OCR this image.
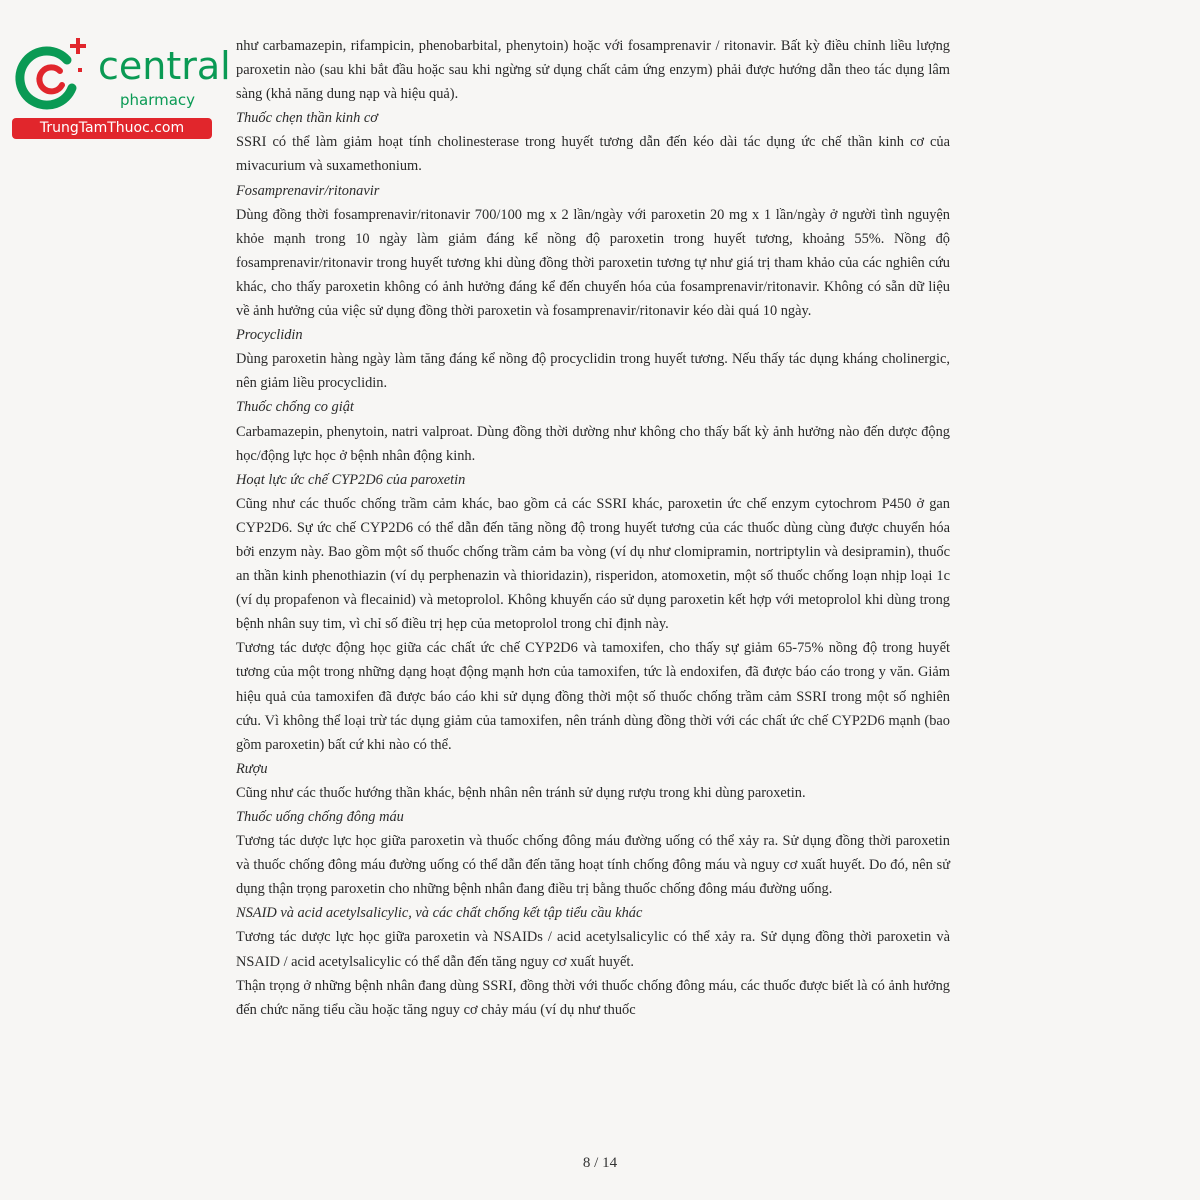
central
pharmacy
TrungTamThuoc.com

như carbamazepin, rifampicin, phenobarbital, phenytoin) hoặc với fosamprenavir / ritonavir. Bất kỳ điều chỉnh liều lượng paroxetin nào (sau khi bắt đầu hoặc sau khi ngừng sử dụng chất cảm ứng enzym) phải được hướng dẫn theo tác dụng lâm sàng (khả năng dung nạp và hiệu quả).

Thuốc chẹn thần kinh cơ

SSRI có thể làm giảm hoạt tính cholinesterase trong huyết tương dẫn đến kéo dài tác dụng ức chế thần kinh cơ của mivacurium và suxamethonium.

Fosamprenavir/ritonavir

Dùng đồng thời fosamprenavir/ritonavir 700/100 mg x 2 lần/ngày với paroxetin 20 mg x 1 lần/ngày ở người tình nguyện khỏe mạnh trong 10 ngày làm giảm đáng kể nồng độ paroxetin trong huyết tương, khoảng 55%. Nồng độ fosamprenavir/ritonavir trong huyết tương khi dùng đồng thời paroxetin tương tự như giá trị tham khảo của các nghiên cứu khác, cho thấy paroxetin không có ảnh hưởng đáng kể đến chuyển hóa của fosamprenavir/ritonavir. Không có sẵn dữ liệu về ảnh hưởng của việc sử dụng đồng thời paroxetin và fosamprenavir/ritonavir kéo dài quá 10 ngày.

Procyclidin

Dùng paroxetin hàng ngày làm tăng đáng kể nồng độ procyclidin trong huyết tương. Nếu thấy tác dụng kháng cholinergic, nên giảm liều procyclidin.

Thuốc chống co giật

Carbamazepin, phenytoin, natri valproat. Dùng đồng thời dường như không cho thấy bất kỳ ảnh hưởng nào đến dược động học/động lực học ở bệnh nhân động kinh.

Hoạt lực ức chế CYP2D6 của paroxetin

Cũng như các thuốc chống trầm cảm khác, bao gồm cả các SSRI khác, paroxetin ức chế enzym cytochrom P450 ở gan CYP2D6. Sự ức chế CYP2D6 có thể dẫn đến tăng nồng độ trong huyết tương của các thuốc dùng cùng được chuyển hóa bởi enzym này. Bao gồm một số thuốc chống trầm cảm ba vòng (ví dụ như clomipramin, nortriptylin và desipramin), thuốc an thần kinh phenothiazin (ví dụ perphenazin và thioridazin), risperidon, atomoxetin, một số thuốc chống loạn nhịp loại 1c (ví dụ propafenon và flecainid) và metoprolol. Không khuyến cáo sử dụng paroxetin kết hợp với metoprolol khi dùng trong bệnh nhân suy tim, vì chỉ số điều trị hẹp của metoprolol trong chỉ định này.

Tương tác dược động học giữa các chất ức chế CYP2D6 và tamoxifen, cho thấy sự giảm 65-75% nồng độ trong huyết tương của một trong những dạng hoạt động mạnh hơn của tamoxifen, tức là endoxifen, đã được báo cáo trong y văn. Giảm hiệu quả của tamoxifen đã được báo cáo khi sử dụng đồng thời một số thuốc chống trầm cảm SSRI trong một số nghiên cứu. Vì không thể loại trừ tác dụng giảm của tamoxifen, nên tránh dùng đồng thời với các chất ức chế CYP2D6 mạnh (bao gồm paroxetin) bất cứ khi nào có thể.

Rượu

Cũng như các thuốc hướng thần khác, bệnh nhân nên tránh sử dụng rượu trong khi dùng paroxetin.

Thuốc uống chống đông máu

Tương tác dược lực học giữa paroxetin và thuốc chống đông máu đường uống có thể xảy ra. Sử dụng đồng thời paroxetin và thuốc chống đông máu đường uống có thể dẫn đến tăng hoạt tính chống đông máu và nguy cơ xuất huyết. Do đó, nên sử dụng thận trọng paroxetin cho những bệnh nhân đang điều trị bằng thuốc chống đông máu đường uống.

NSAID và acid acetylsalicylic, và các chất chống kết tập tiểu cầu khác

Tương tác dược lực học giữa paroxetin và NSAIDs / acid acetylsalicylic có thể xảy ra. Sử dụng đồng thời paroxetin và NSAID / acid acetylsalicylic có thể dẫn đến tăng nguy cơ xuất huyết.

Thận trọng ở những bệnh nhân đang dùng SSRI, đồng thời với thuốc chống đông máu, các thuốc được biết là có ảnh hưởng đến chức năng tiểu cầu hoặc tăng nguy cơ chảy máu (ví dụ như thuốc

8 / 14
